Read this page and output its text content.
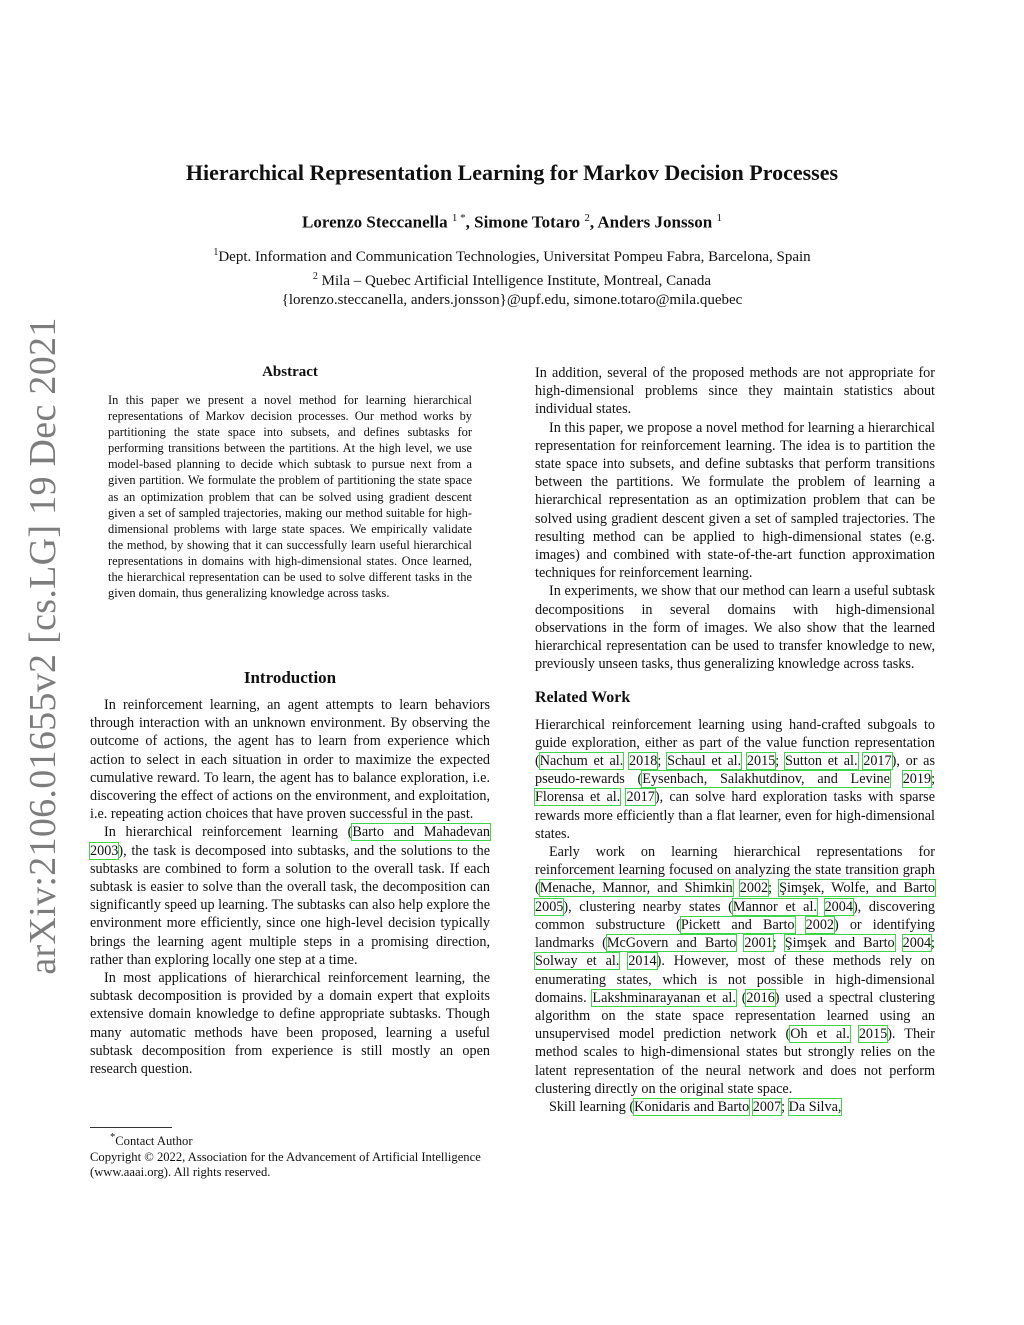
arXiv:2106.01655v2 [cs.LG] 19 Dec 2021
Hierarchical Representation Learning for Markov Decision Processes
Lorenzo Steccanella $^{1 *}$, Simone Totaro $^2$, Anders Jonsson $^1$
$^1$Dept. Information and Communication Technologies, Universitat Pompeu Fabra, Barcelona, Spain
$^2$ Mila – Quebec Artificial Intelligence Institute, Montreal, Canada
{lorenzo.steccanella, anders.jonsson}@upf.edu, simone.totaro@mila.quebec
Abstract
In this paper we present a novel method for learning hierarchical representations of Markov decision processes. Our method works by partitioning the state space into subsets, and defines subtasks for performing transitions between the partitions. At the high level, we use model-based planning to decide which subtask to pursue next from a given partition. We formulate the problem of partitioning the state space as an optimization problem that can be solved using gradient descent given a set of sampled trajectories, making our method suitable for high-dimensional problems with large state spaces. We empirically validate the method, by showing that it can successfully learn useful hierarchical representations in domains with high-dimensional states. Once learned, the hierarchical representation can be used to solve different tasks in the given domain, thus generalizing knowledge across tasks.
Introduction

In reinforcement learning, an agent attempts to learn behaviors through interaction with an unknown environment. By observing the outcome of actions, the agent has to learn from experience which action to select in each situation in order to maximize the expected cumulative reward. To learn, the agent has to balance exploration, i.e. discovering the effect of actions on the environment, and exploitation, i.e. repeating action choices that have proven successful in the past.

In hierarchical reinforcement learning (Barto and Mahadevan 2003), the task is decomposed into subtasks, and the solutions to the subtasks are combined to form a solution to the overall task. If each subtask is easier to solve than the overall task, the decomposition can significantly speed up learning. The subtasks can also help explore the environment more efficiently, since one high-level decision typically brings the learning agent multiple steps in a promising direction, rather than exploring locally one step at a time.

In most applications of hierarchical reinforcement learning, the subtask decomposition is provided by a domain expert that exploits extensive domain knowledge to define appropriate subtasks. Though many automatic methods have been proposed, learning a useful subtask decomposition from experience is still mostly an open research question.

In addition, several of the proposed methods are not appropriate for high-dimensional problems since they maintain statistics about individual states.

In this paper, we propose a novel method for learning a hierarchical representation for reinforcement learning. The idea is to partition the state space into subsets, and define subtasks that perform transitions between the partitions. We formulate the problem of learning a hierarchical representation as an optimization problem that can be solved using gradient descent given a set of sampled trajectories. The resulting method can be applied to high-dimensional states (e.g. images) and combined with state-of-the-art function approximation techniques for reinforcement learning.

In experiments, we show that our method can learn a useful subtask decompositions in several domains with high-dimensional observations in the form of images. We also show that the learned hierarchical representation can be used to transfer knowledge to new, previously unseen tasks, thus generalizing knowledge across tasks.

Related Work

Hierarchical reinforcement learning using hand-crafted subgoals to guide exploration, either as part of the value function representation (Nachum et al. 2018; Schaul et al. 2015; Sutton et al. 2017), or as pseudo-rewards (Eysenbach, Salakhutdinov, and Levine 2019; Florensa et al. 2017), can solve hard exploration tasks with sparse rewards more efficiently than a flat learner, even for high-dimensional states.

Early work on learning hierarchical representations for reinforcement learning focused on analyzing the state transition graph (Menache, Mannor, and Shimkin 2002; Şimşek, Wolfe, and Barto 2005), clustering nearby states (Mannor et al. 2004), discovering common substructure (Pickett and Barto 2002) or identifying landmarks (McGovern and Barto 2001; Şimşek and Barto 2004; Solway et al. 2014). However, most of these methods rely on enumerating states, which is not possible in high-dimensional domains. Lakshminarayanan et al. (2016) used a spectral clustering algorithm on the state space representation learned using an unsupervised model prediction network (Oh et al. 2015). Their method scales to high-dimensional states but strongly relies on the latent representation of the neural network and does not perform clustering directly on the original state space.

Skill learning (Konidaris and Barto 2007; Da Silva,

*Contact Author
Copyright © 2022, Association for the Advancement of Artificial Intelligence (www.aaai.org). All rights reserved.
